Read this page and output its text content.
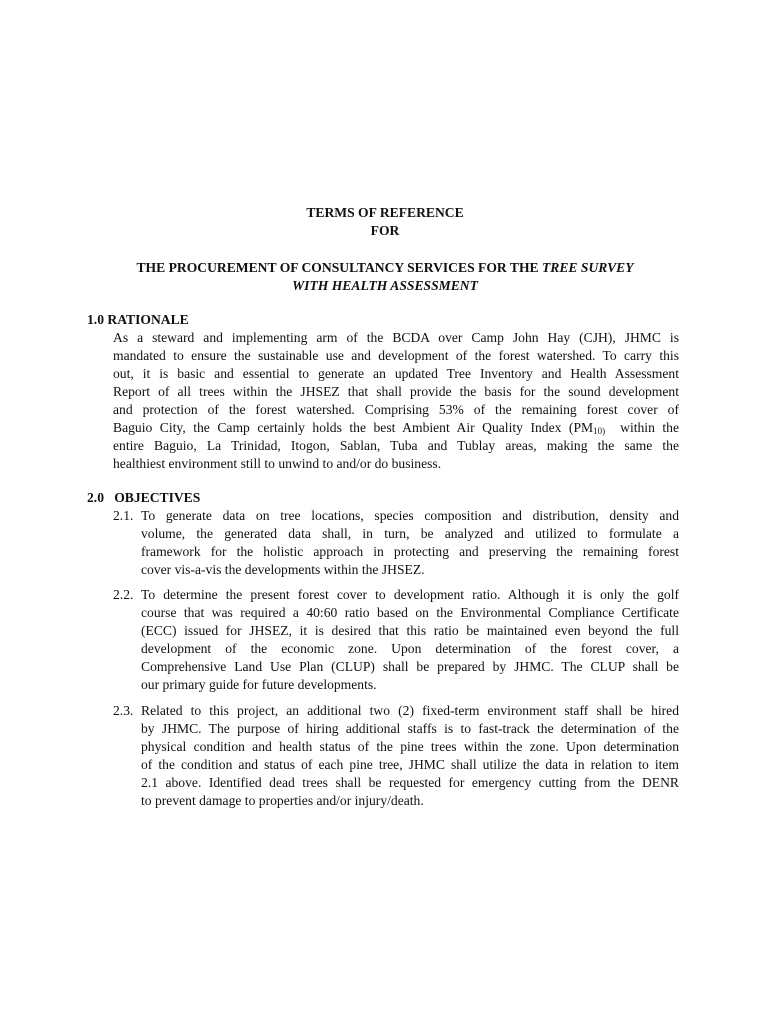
TERMS OF REFERENCE
FOR
THE PROCUREMENT OF CONSULTANCY SERVICES FOR THE TREE SURVEY
WITH HEALTH ASSESSMENT
1.0 RATIONALE
As a steward and implementing arm of the BCDA over Camp John Hay (CJH), JHMC is
mandated to ensure the sustainable use and development of the forest watershed. To carry this
out, it is basic and essential to generate an updated Tree Inventory and Health Assessment
Report of all trees within the JHSEZ that shall provide the basis for the sound development
and protection of the forest watershed. Comprising 53% of the remaining forest cover of
Baguio City, the Camp certainly holds the best Ambient Air Quality Index ($PM_{10)}$  within the
entire Baguio, La Trinidad, Itogon, Sablan, Tuba and Tublay areas, making the same the
healthiest environment still to unwind to and/or do business.
2.0   OBJECTIVES
2.1. To generate data on tree locations, species composition and distribution, density and
volume, the generated data shall, in turn, be analyzed and utilized to formulate a
framework for the holistic approach in protecting and preserving the remaining forest
cover vis-a-vis the developments within the JHSEZ.
2.2. To determine the present forest cover to development ratio. Although it is only the golf
course that was required a 40:60 ratio based on the Environmental Compliance Certificate
(ECC) issued for JHSEZ, it is desired that this ratio be maintained even beyond the full
development of the economic zone. Upon determination of the forest cover, a
Comprehensive Land Use Plan (CLUP) shall be prepared by JHMC. The CLUP shall be
our primary guide for future developments.
2.3. Related to this project, an additional two (2) fixed-term environment staff shall be hired
by JHMC. The purpose of hiring additional staffs is to fast-track the determination of the
physical condition and health status of the pine trees within the zone. Upon determination
of the condition and status of each pine tree, JHMC shall utilize the data in relation to item
2.1 above. Identified dead trees shall be requested for emergency cutting from the DENR
to prevent damage to properties and/or injury/death.
